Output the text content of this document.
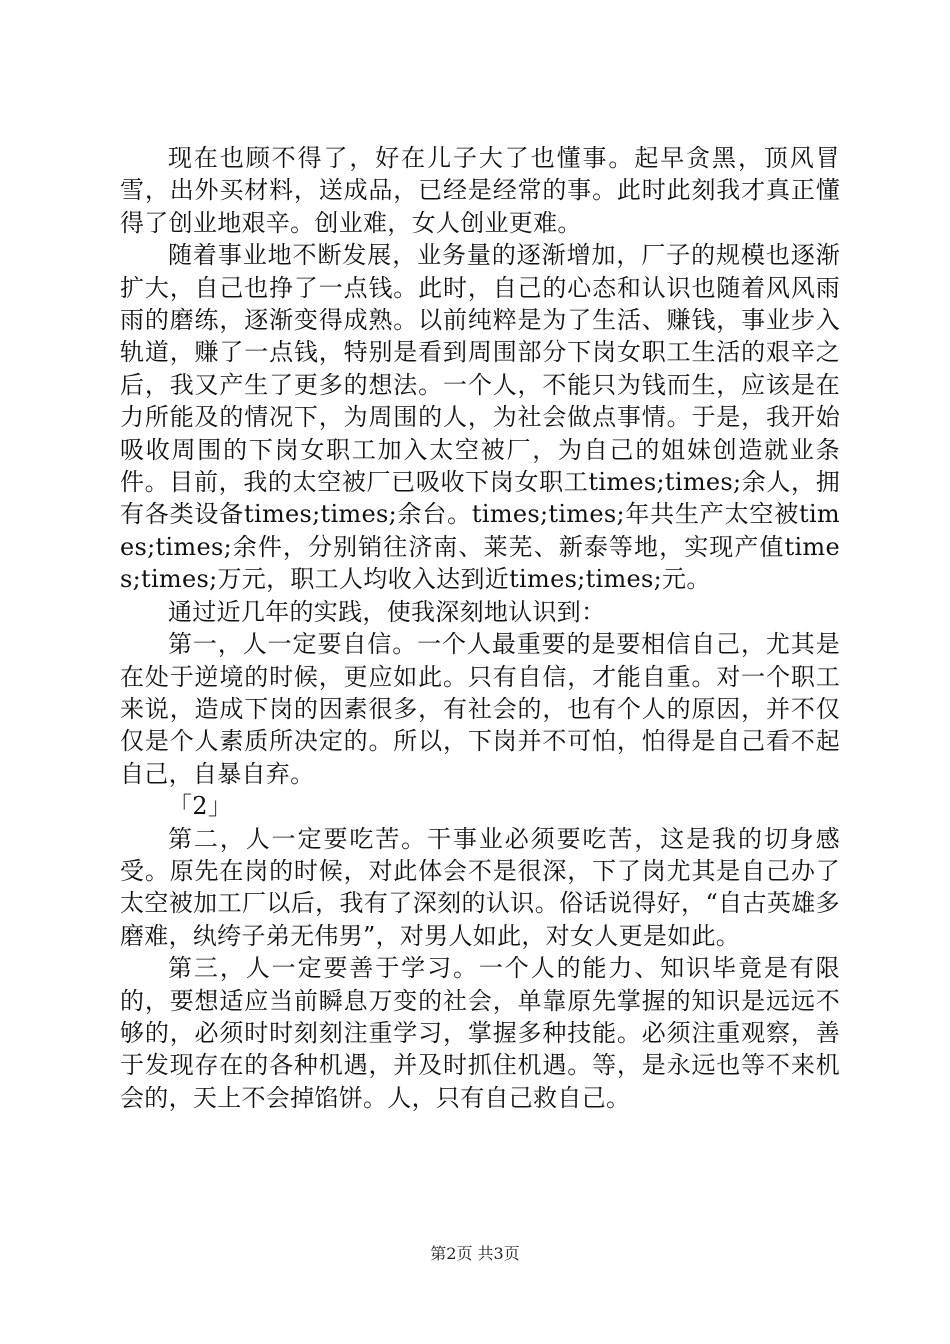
现在也顾不得了，好在儿子大了也懂事。起早贪黑，顶风冒雪，出外买材料，送成品，已经是经常的事。此时此刻我才真正懂得了创业地艰辛。创业难，女人创业更难。

随着事业地不断发展，业务量的逐渐增加，厂子的规模也逐渐扩大，自己也挣了一点钱。此时，自己的心态和认识也随着风风雨雨的磨练，逐渐变得成熟。以前纯粹是为了生活、赚钱，事业步入轨道，赚了一点钱，特别是看到周围部分下岗女职工生活的艰辛之后，我又产生了更多的想法。一个人，不能只为钱而生，应该是在力所能及的情况下，为周围的人，为社会做点事情。于是，我开始吸收周围的下岗女职工加入太空被厂，为自己的姐妹创造就业条件。目前，我的太空被厂已吸收下岗女职工times;times;余人，拥有各类设备times;times;余台。times;times;年共生产太空被times;times;余件，分别销往济南、莱芜、新泰等地，实现产值times;times;万元，职工人均收入达到近times;times;元。

通过近几年的实践，使我深刻地认识到：

第一，人一定要自信。一个人最重要的是要相信自己，尤其是在处于逆境的时候，更应如此。只有自信，才能自重。对一个职工来说，造成下岗的因素很多，有社会的，也有个人的原因，并不仅仅是个人素质所决定的。所以，下岗并不可怕，怕得是自己看不起自己，自暴自弃。

「2」

第二，人一定要吃苦。干事业必须要吃苦，这是我的切身感受。原先在岗的时候，对此体会不是很深，下了岗尤其是自己办了太空被加工厂以后，我有了深刻的认识。俗话说得好，“自古英雄多磨难，纨绔子弟无伟男”，对男人如此，对女人更是如此。

第三，人一定要善于学习。一个人的能力、知识毕竟是有限的，要想适应当前瞬息万变的社会，单靠原先掌握的知识是远远不够的，必须时时刻刻注重学习，掌握多种技能。必须注重观察，善于发现存在的各种机遇，并及时抓住机遇。等，是永远也等不来机会的，天上不会掉馅饼。人，只有自己救自己。

第2页 共3页
